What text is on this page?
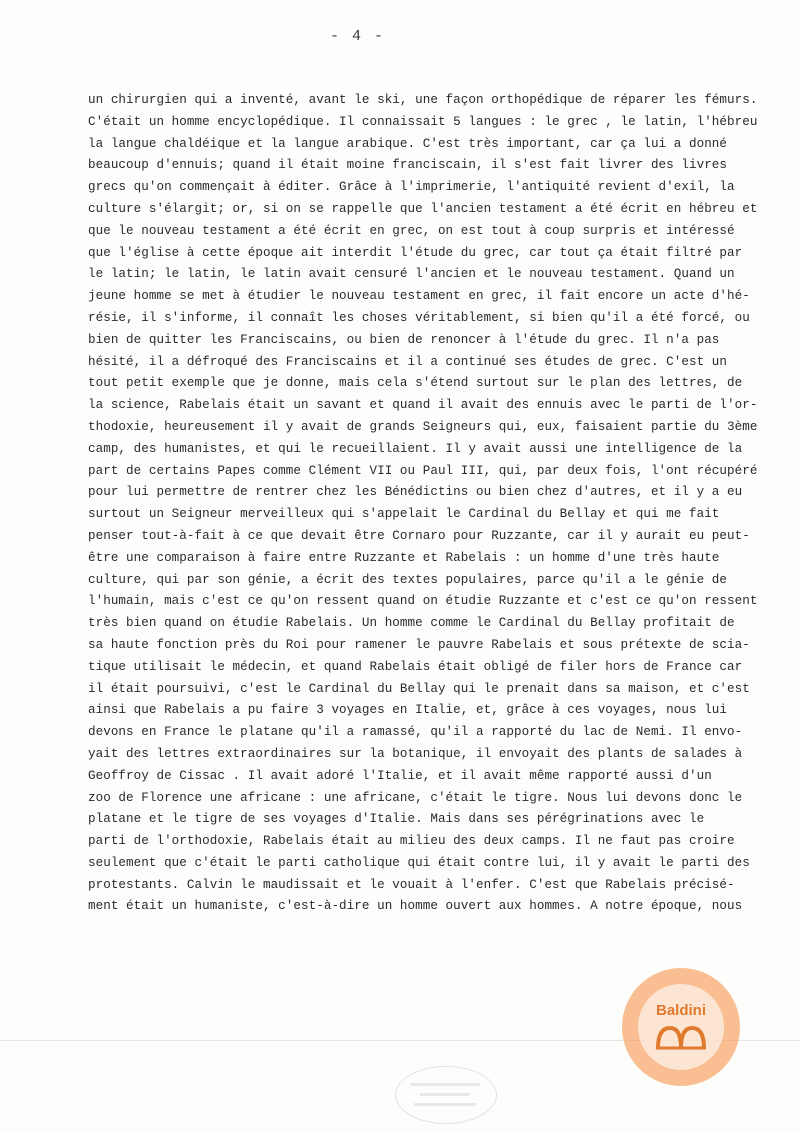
- 4 -
un chirurgien qui a inventé, avant le ski, une façon orthopédique de réparer les fémurs.
C'était un homme encyclopédique. Il connaissait 5 langues : le grec , le latin, l'hébreu
la langue chaldéique et la langue arabique. C'est très important, car ça lui a donné
beaucoup d'ennuis; quand il était moine franciscain, il s'est fait livrer des livres
grecs qu'on commençait à éditer. Grâce à l'imprimerie, l'antiquité revient d'exil, la
culture s'élargit; or, si on se rappelle que l'ancien testament a été écrit en hébreu et
que le nouveau testament a été écrit en grec, on est tout à coup surpris et intéressé
que l'église à cette époque ait interdit l'étude du grec, car tout ça était filtré par
le latin; le latin, le latin avait censuré l'ancien et le nouveau testament. Quand un
jeune homme se met à étudier le nouveau testament en grec, il fait encore un acte d'hé-
résie, il s'informe, il connaît les choses véritablement, si bien qu'il a été forcé, ou
bien de quitter les Franciscains, ou bien de renoncer à l'étude du grec. Il n'a pas
hésité, il a défroqué des Franciscains et il a continué ses études de grec. C'est un
tout petit exemple que je donne, mais cela s'étend surtout sur le plan des lettres, de
la science, Rabelais était un savant et quand il avait des ennuis avec le parti de l'or-
thodoxie, heureusement il y avait de grands Seigneurs qui, eux, faisaient partie du 3ème
camp, des humanistes, et qui le recueillaient. Il y avait aussi une intelligence de la
part de certains Papes comme Clément VII ou Paul III, qui, par deux fois, l'ont récupéré
pour lui permettre de rentrer chez les Bénédictins ou bien chez d'autres, et il y a eu
surtout un Seigneur merveilleux qui s'appelait le Cardinal du Bellay et qui me fait
penser tout-à-fait à ce que devait être Cornaro pour Ruzzante, car il y aurait eu peut-
être une comparaison à faire entre Ruzzante et Rabelais : un homme d'une très haute
culture, qui par son génie, a écrit des textes populaires, parce qu'il a le génie de
l'humain, mais c'est ce qu'on ressent quand on étudie Ruzzante et c'est ce qu'on ressent
très bien quand on étudie Rabelais. Un homme comme le Cardinal du Bellay profitait de
sa haute fonction près du Roi pour ramener le pauvre Rabelais et sous prétexte de scia-
tique utilisait le médecin, et quand Rabelais était obligé de filer hors de France car
il était poursuivi, c'est le Cardinal du Bellay qui le prenait dans sa maison, et c'est
ainsi que Rabelais a pu faire 3 voyages en Italie, et, grâce à ces voyages, nous lui
devons en France le platane qu'il a ramassé, qu'il a rapporté du lac de Nemi. Il envo-
yait des lettres extraordinaires sur la botanique, il envoyait des plants de salades à
Geoffroy de Cissac . Il avait adoré l'Italie, et il avait même rapporté aussi d'un
zoo de Florence une africane : une africane, c'était le tigre. Nous lui devons donc le
platane et le tigre de ses voyages d'Italie. Mais dans ses pérégrinations avec le
parti de l'orthodoxie, Rabelais était au milieu des deux camps. Il ne faut pas croire
seulement que c'était le parti catholique qui était contre lui, il y avait le parti des
protestants. Calvin le maudissait et le vouait à l'enfer. C'est que Rabelais précisé-
ment était un humaniste, c'est-à-dire un homme ouvert aux hommes. A notre époque, nous
Baldini
